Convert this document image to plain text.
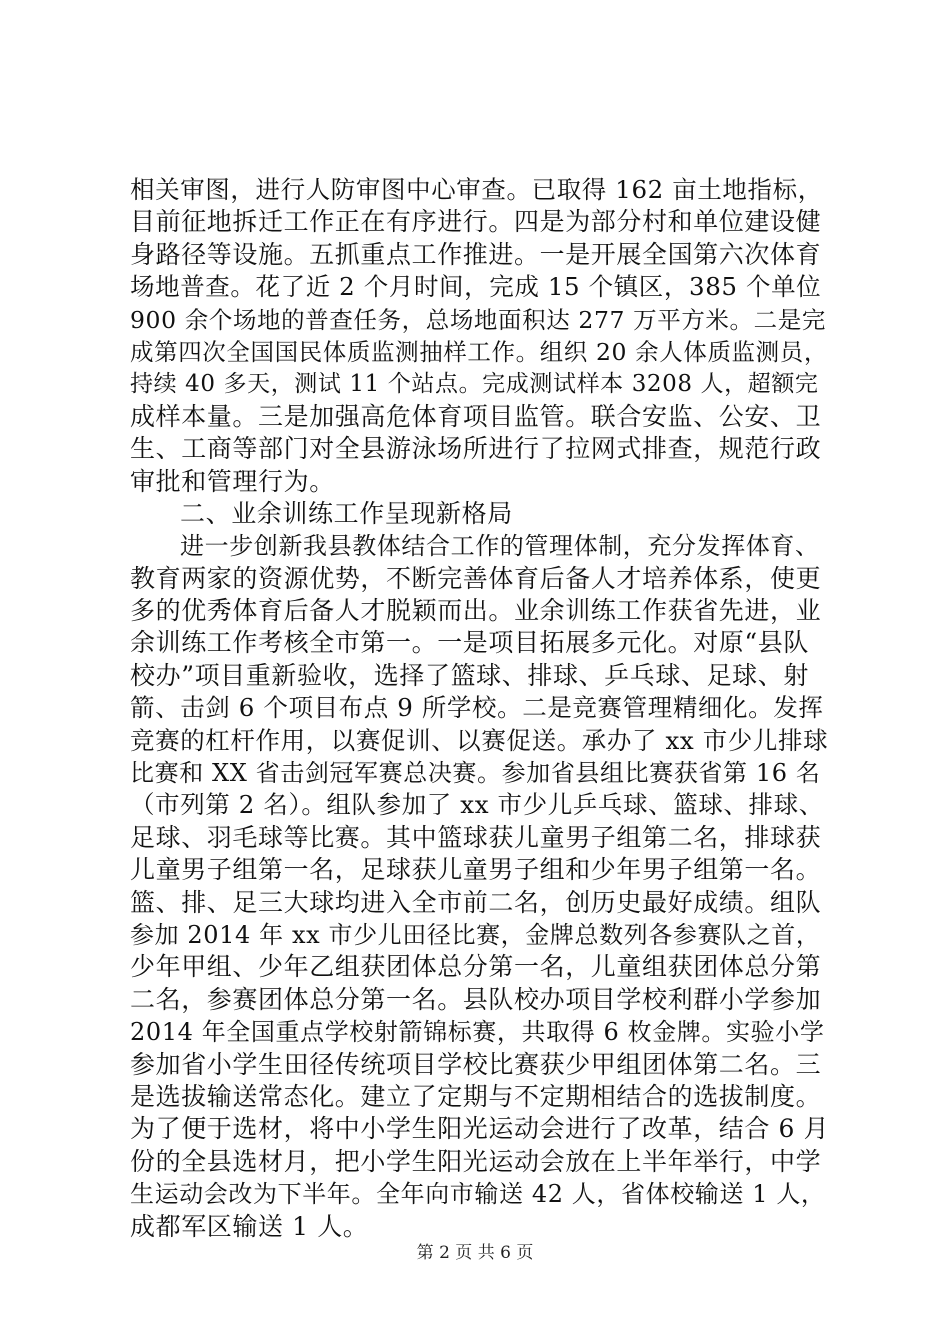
相关审图，进行人防审图中心审查。已取得 162 亩土地指标，
目前征地拆迁工作正在有序进行。四是为部分村和单位建设健
身路径等设施。五抓重点工作推进。一是开展全国第六次体育
场地普查。花了近 2 个月时间，完成 15 个镇区，385 个单位
900 余个场地的普查任务，总场地面积达 277 万平方米。二是完
成第四次全国国民体质监测抽样工作。组织 20 余人体质监测员，
持续 40 多天，测试 11 个站点。完成测试样本 3208 人，超额完
成样本量。三是加强高危体育项目监管。联合安监、公安、卫
生、工商等部门对全县游泳场所进行了拉网式排查，规范行政
审批和管理行为。
二、业余训练工作呈现新格局
进一步创新我县教体结合工作的管理体制，充分发挥体育、
教育两家的资源优势，不断完善体育后备人才培养体系，使更
多的优秀体育后备人才脱颖而出。业余训练工作获省先进，业
余训练工作考核全市第一。一是项目拓展多元化。对原“县队
校办”项目重新验收，选择了篮球、排球、乒乓球、足球、射
箭、击剑 6 个项目布点 9 所学校。二是竞赛管理精细化。发挥
竞赛的杠杆作用，以赛促训、以赛促送。承办了 xx 市少儿排球
比赛和 XX 省击剑冠军赛总决赛。参加省县组比赛获省第 16 名
（市列第 2 名）。组队参加了 xx 市少儿乒乓球、篮球、排球、
足球、羽毛球等比赛。其中篮球获儿童男子组第二名，排球获
儿童男子组第一名，足球获儿童男子组和少年男子组第一名。
篮、排、足三大球均进入全市前二名，创历史最好成绩。组队
参加 2014 年 xx 市少儿田径比赛，金牌总数列各参赛队之首，
少年甲组、少年乙组获团体总分第一名，儿童组获团体总分第
二名，参赛团体总分第一名。县队校办项目学校利群小学参加
2014 年全国重点学校射箭锦标赛，共取得 6 枚金牌。实验小学
参加省小学生田径传统项目学校比赛获少甲组团体第二名。三
是选拔输送常态化。建立了定期与不定期相结合的选拔制度。
为了便于选材，将中小学生阳光运动会进行了改革，结合 6 月
份的全县选材月，把小学生阳光运动会放在上半年举行，中学
生运动会改为下半年。全年向市输送 42 人，省体校输送 1 人，
成都军区输送 1 人。
第 2 页 共 6 页
